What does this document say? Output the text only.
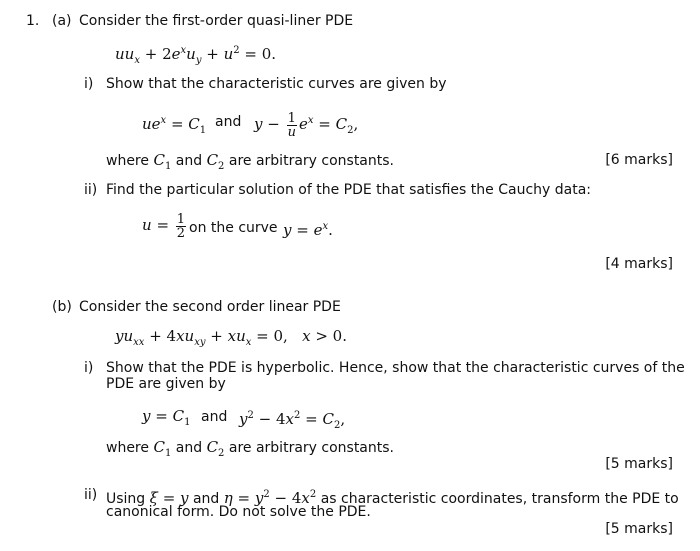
1. (a) Consider the first-order quasi-liner PDE
$uu_x + 2e^xu_y + u^2 = 0$.
i) Show that the characteristic curves are given by
$ue^x = C_1$
and $y - \frac{1}{u} e^x = C_2$,
where $C_1$ and $C_2$ are arbitrary constants.	[6 marks]
ii) Find the particular solution of the PDE that satisfies the Cauchy data:
$u = \frac{1}{2}$ on the curve $y = e^x$.
[4 marks]
(b) Consider the second order linear PDE
$yu_{xx} + 4xu_{xy} + xu_x = 0$,   x > 0.
i) Show that the PDE is hyperbolic. Hence, show that the characteristic curves of the
PDE are given by
$y = C_1$ and $y^2 - 4x^2 = C_2$,
where $C_1$ and $C_2$ are arbitrary constants.
[5 marks]
ii) Using ξ = y and $\eta = y^2 - 4x^2$ as characteristic coordinates, transform the PDE to
canonical form. Do not solve the PDE.
[5 marks]
